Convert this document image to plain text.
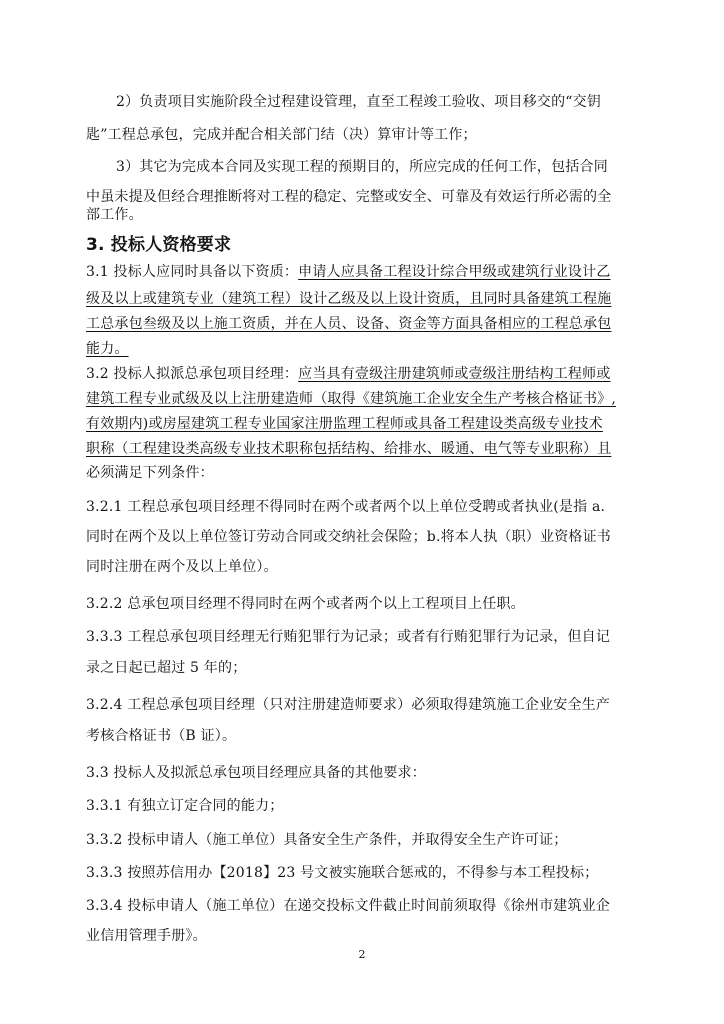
2）负责项目实施阶段全过程建设管理，直至工程竣工验收、项目移交的“交钥
匙”工程总承包，完成并配合相关部门结（决）算审计等工作；
3）其它为完成本合同及实现工程的预期目的，所应完成的任何工作，包括合同
中虽未提及但经合理推断将对工程的稳定、完整或安全、可靠及有效运行所必需的全
部工作。
3. 投标人资格要求
3.1 投标人应同时具备以下资质：申请人应具备工程设计综合甲级或建筑行业设计乙
级及以上或建筑专业（建筑工程）设计乙级及以上设计资质，且同时具备建筑工程施
工总承包叁级及以上施工资质，并在人员、设备、资金等方面具备相应的工程总承包
能力。
3.2 投标人拟派总承包项目经理：应当具有壹级注册建筑师或壹级注册结构工程师或
建筑工程专业贰级及以上注册建造师（取得《建筑施工企业安全生产考核合格证书》,
有效期内)或房屋建筑工程专业国家注册监理工程师或具备工程建设类高级专业技术
职称（工程建设类高级专业技术职称包括结构、给排水、暖通、电气等专业职称）且
必须满足下列条件：
3.2.1 工程总承包项目经理不得同时在两个或者两个以上单位受聘或者执业(是指 a.
同时在两个及以上单位签订劳动合同或交纳社会保险；b.将本人执（职）业资格证书
同时注册在两个及以上单位）。
3.2.2 总承包项目经理不得同时在两个或者两个以上工程项目上任职。
3.3.3 工程总承包项目经理无行贿犯罪行为记录；或者有行贿犯罪行为记录，但自记
录之日起已超过 5 年的；
3.2.4 工程总承包项目经理（只对注册建造师要求）必须取得建筑施工企业安全生产
考核合格证书（B 证）。
3.3 投标人及拟派总承包项目经理应具备的其他要求：
3.3.1 有独立订定合同的能力；
3.3.2 投标申请人（施工单位）具备安全生产条件，并取得安全生产许可证；
3.3.3 按照苏信用办【2018】23 号文被实施联合惩戒的，不得参与本工程投标；
3.3.4 投标申请人（施工单位）在递交投标文件截止时间前须取得《徐州市建筑业企
业信用管理手册》。
2
